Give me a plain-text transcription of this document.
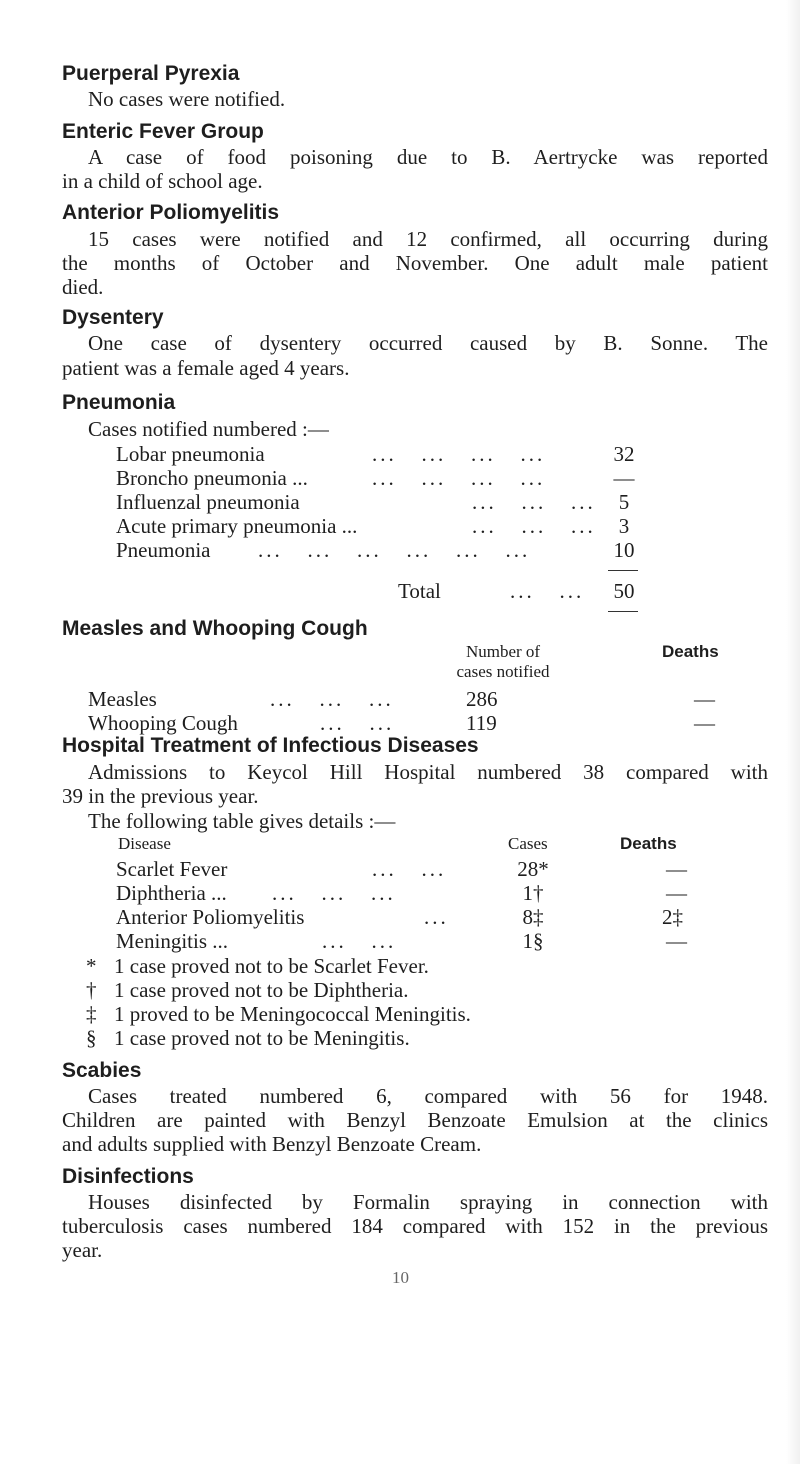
Puerperal Pyrexia
No cases were notified.
Enteric Fever Group
A case of food poisoning due to B. Aertrycke was reported
in a child of school age.
Anterior Poliomyelitis
15 cases were notified and 12 confirmed, all occurring during
the months of October and November. One adult male patient
died.
Dysentery
One case of dysentery occurred caused by B. Sonne. The
patient was a female aged 4 years.
Pneumonia
Cases notified numbered :—
Lobar pneumonia	...   ...   ...   ...	32
Broncho pneumonia ...	...   ...   ...   ...	—
Influenzal pneumonia	...   ...   ...	5
Acute primary pneumonia ...	...   ...   ...	3
Pneumonia ...   ...   ...   ...   ...   ...	10
Total	...   ...	50
Measles and Whooping Cough
Number of
cases notified
Deaths
Measles	...   ...   ...	286	—
Whooping Cough	...   ...	119	—
Hospital Treatment of Infectious Diseases
Admissions to Keycol Hill Hospital numbered 38 compared with
39 in the previous year.
The following table gives details :—
Disease	Cases	Deaths
Scarlet Fever	...   ...	28*	—
Diphtheria ... ...   ...   ...	1†	—
Anterior Poliomyelitis	...	8‡	2‡
Meningitis ...	...   ...	1§	—
* 1 case proved not to be Scarlet Fever.
† 1 case proved not to be Diphtheria.
‡ 1 proved to be Meningococcal Meningitis.
§ 1 case proved not to be Meningitis.
Scabies
Cases treated numbered 6, compared with 56 for 1948.
Children are painted with Benzyl Benzoate Emulsion at the clinics
and adults supplied with Benzyl Benzoate Cream.
Disinfections
Houses disinfected by Formalin spraying in connection with
tuberculosis cases numbered 184 compared with 152 in the previous
year.
10
